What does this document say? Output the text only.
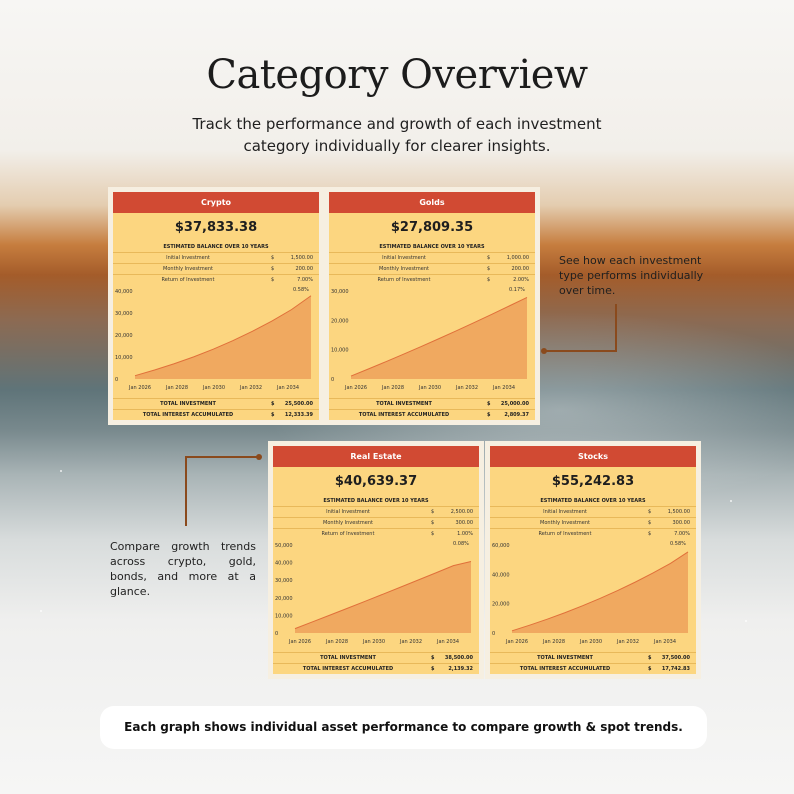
Category Overview
Track the performance and growth of each investment category individually for clearer insights.
Crypto
$37,833.38
ESTIMATED BALANCE OVER 10 YEARS
Initial Investment	$	1,500.00
Monthly Investment	$	200.00
Return of Investment	$	7.00%
40,000
30,000
20,000
10,000
0
0.58%
Jan 2026	Jan 2028	Jan 2030	Jan 2032	Jan 2034
TOTAL INVESTMENT	$ 25,500.00
TOTAL INTEREST ACCUMULATED	$ 12,333.39
Golds
$27,809.35
ESTIMATED BALANCE OVER 10 YEARS
Initial Investment	$	1,000.00
Monthly Investment	$	200.00
Return of Investment	$	2.00%
30,000
20,000
10,000
0
0.17%
Jan 2026	Jan 2028	Jan 2030	Jan 2032	Jan 2034
TOTAL INVESTMENT	$ 25,000.00
TOTAL INTEREST ACCUMULATED	$	2,809.37
Real Estate
$40,639.37
ESTIMATED BALANCE OVER 10 YEARS
Initial Investment	$	2,500.00
Monthly Investment	$	300.00
Return of Investment	$	1.00%
50,000
40,000
30,000
20,000
10,000
0
0.08%
Jan 2026	Jan 2028	Jan 2030	Jan 2032	Jan 2034
TOTAL INVESTMENT	$ 38,500.00
TOTAL INTEREST ACCUMULATED	$	2,139.32
Stocks
$55,242.83
ESTIMATED BALANCE OVER 10 YEARS
Initial Investment	$	1,500.00
Monthly Investment	$	300.00
Return of Investment	$	7.00%
60,000
40,000
20,000
0
0.58%
Jan 2026	Jan 2028	Jan 2030	Jan 2032	Jan 2034
TOTAL INVESTMENT	$ 37,500.00
TOTAL INTEREST ACCUMULATED	$ 17,742.83
See how each investment type performs individually over time.
Compare growth trends across crypto, gold, bonds, and more at a glance.
Each graph shows individual asset performance to compare growth & spot trends.
